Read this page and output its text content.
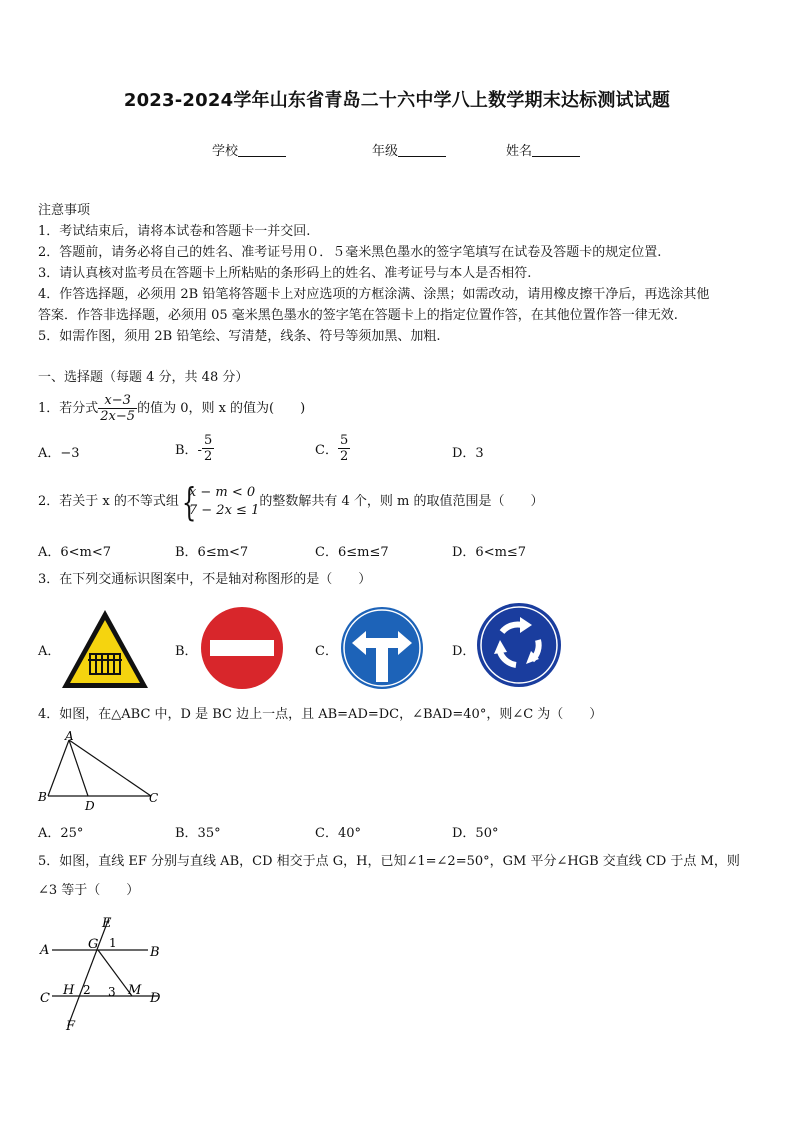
2023-2024学年山东省青岛二十六中学八上数学期末达标测试试题
学校	年级	姓名
注意事项
1．考试结束后，请将本试卷和答题卡一并交回.
2．答题前，请务必将自己的姓名、准考证号用０．５毫米黑色墨水的签字笔填写在试卷及答题卡的规定位置.
3．请认真核对监考员在答题卡上所粘贴的条形码上的姓名、准考证号与本人是否相符.
4．作答选择题，必须用 2B 铅笔将答题卡上对应选项的方框涂满、涂黑；如需改动，请用橡皮擦干净后，再选涂其他
答案．作答非选择题，必须用 05 毫米黑色墨水的签字笔在答题卡上的指定位置作答，在其他位置作答一律无效.
5．如需作图，须用 2B 铅笔绘、写清楚，线条、符号等须加黑、加粗.
一、选择题（每题 4 分，共 48 分）
1．若分式 $\frac{x-3}{2x-5}$ 的值为 0，则 x 的值为(　　)
A．−3	B．- $\frac{5}{2}$	C． $\frac{5}{2}$	D．3
2．若关于 x 的不等式组 {
x − m < 0
7 − 2x ≤ 1
的整数解共有 4 个，则 m 的取值范围是（　　）
A．6<m<7	B．6≤m<7	C．6≤m≤7	D．6<m≤7
3．在下列交通标识图案中，不是轴对称图形的是（　　）
A．	B．	C．	D．
4．如图，在△ABC 中，D 是 BC 边上一点，且 AB=AD=DC，∠BAD=40°，则∠C 为（　　）
A
B	C
D
A．25°	B．35°	C．40°	D．50°
5．如图，直线 EF 分别与直线 AB，CD 相交于点 G，H，已知∠1=∠2=50°，GM 平分∠HGB 交直线 CD 于点 M，则
∠3 等于（　　）
E
A	G 1
B
C
H 2 3 M
D
F
